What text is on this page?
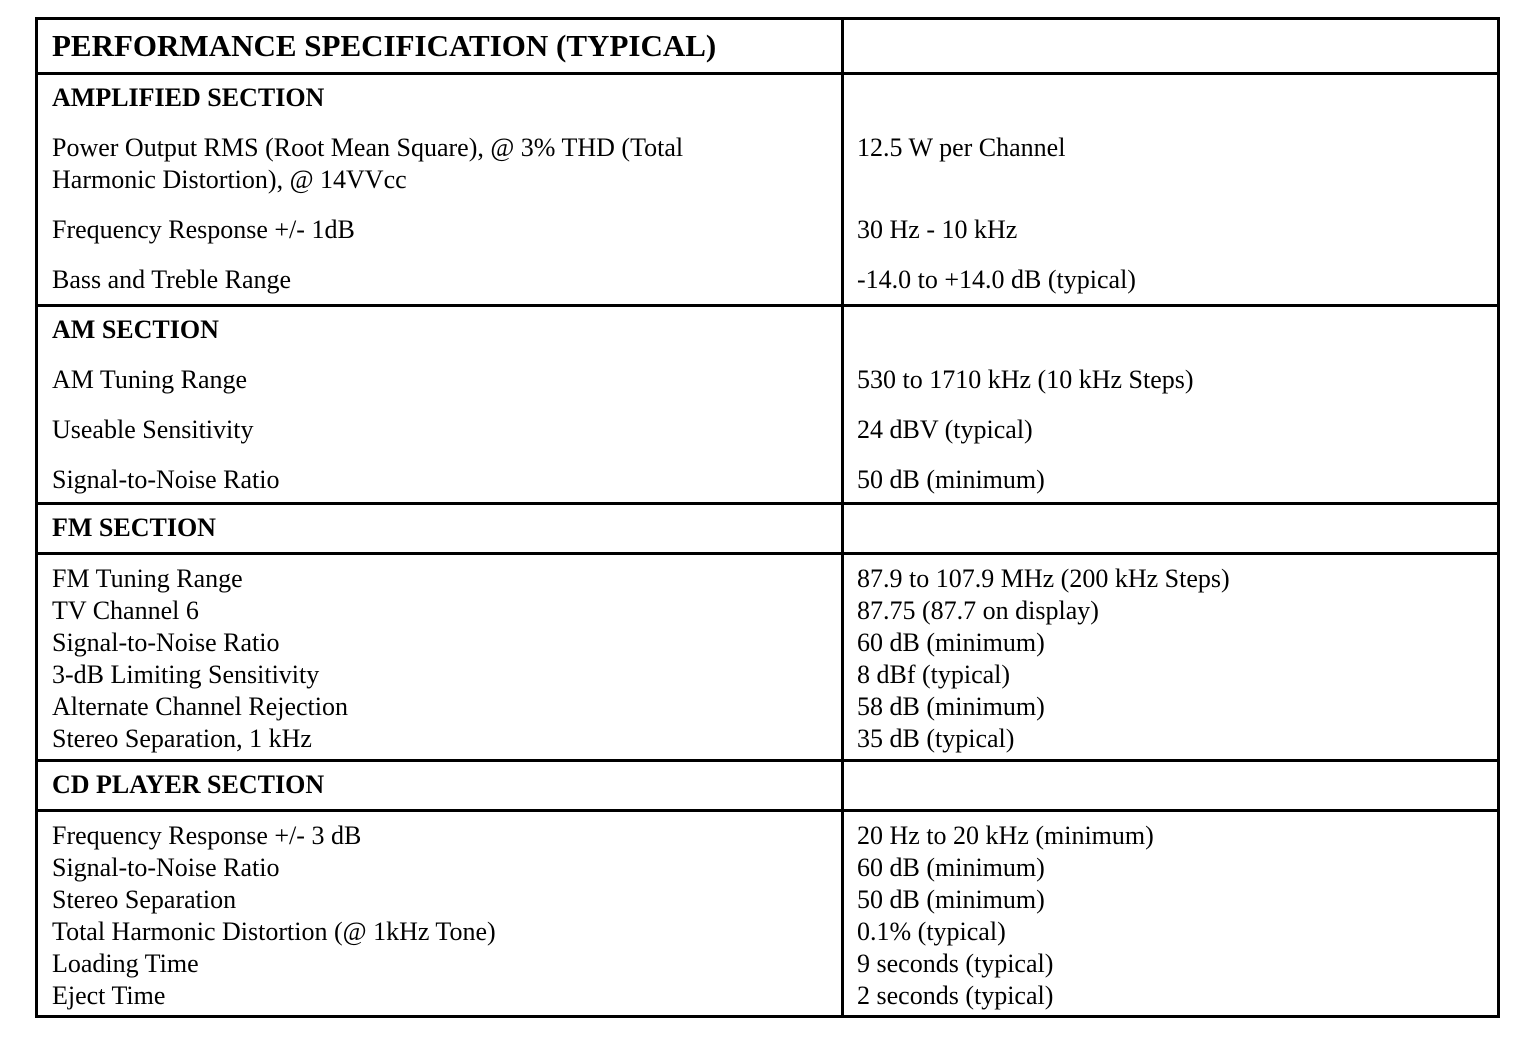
PERFORMANCE SPECIFICATION (TYPICAL)
AMPLIFIED SECTION
Power Output RMS (Root Mean Square), @ 3% THD (Total
Harmonic Distortion), @ 14VVcc
Frequency Response +/- 1dB
Bass and Treble Range
12.5 W per Channel
30 Hz - 10 kHz
-14.0 to +14.0 dB (typical)
AM SECTION
AM Tuning Range
Useable Sensitivity
Signal-to-Noise Ratio
530 to 1710 kHz (10 kHz Steps)
24 dBV (typical)
50 dB (minimum)
FM SECTION
FM Tuning Range
TV Channel 6
Signal-to-Noise Ratio
3-dB Limiting Sensitivity
Alternate Channel Rejection
Stereo Separation, 1 kHz
87.9 to 107.9 MHz (200 kHz Steps)
87.75 (87.7 on display)
60 dB (minimum)
8 dBf (typical)
58 dB (minimum)
35 dB (typical)
CD PLAYER SECTION
Frequency Response +/- 3 dB
Signal-to-Noise Ratio
Stereo Separation
Total Harmonic Distortion (@ 1kHz Tone)
Loading Time
Eject Time
20 Hz to 20 kHz (minimum)
60 dB (minimum)
50 dB (minimum)
0.1% (typical)
9 seconds (typical)
2 seconds (typical)
